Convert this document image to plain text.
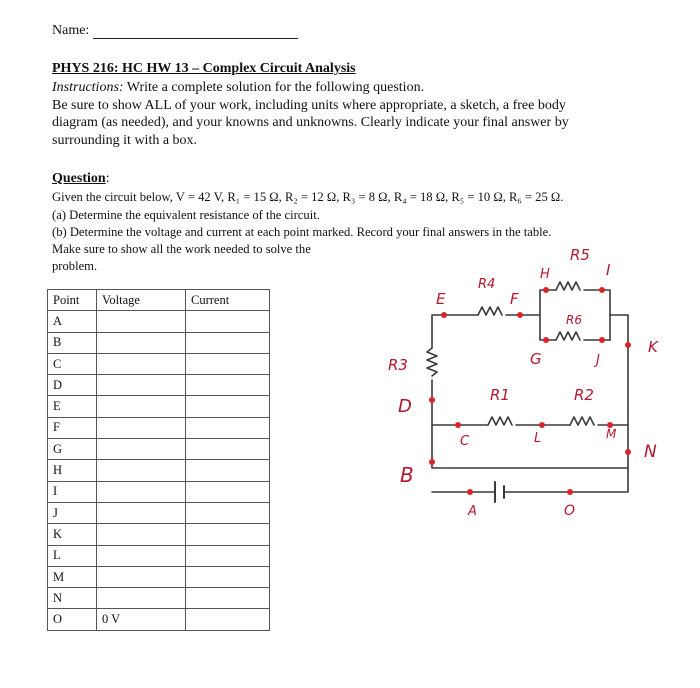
Name:
PHYS 216: HC HW 13 – Complex Circuit Analysis
Instructions: Write a complete solution for the following question.
Be sure to show ALL of your work, including units where appropriate, a sketch, a free body
diagram (as needed), and your knowns and unknowns. Clearly indicate your final answer by
surrounding it with a box.
Question:
Given the circuit below, V = 42 V, R₁ = 15 Ω, R₂ = 12 Ω, R₃ = 8 Ω, R₄ = 18 Ω, R₅ = 10 Ω, R₆ = 25 Ω.
(a) Determine the equivalent resistance of the circuit.
(b) Determine the voltage and current at each point marked. Record your final answers in the table.
Make sure to show all the work needed to solve the
problem.
Point	Voltage	Current
A		
B		
C		
D		
E		
F		
G		
H		
I		
J		
K		
L		
M		
N		
O	0 V	
R3
R4
R5
R6
R1	R2
E	F
H	I
G	J
K
D
C	L	M
N
B
A	O
